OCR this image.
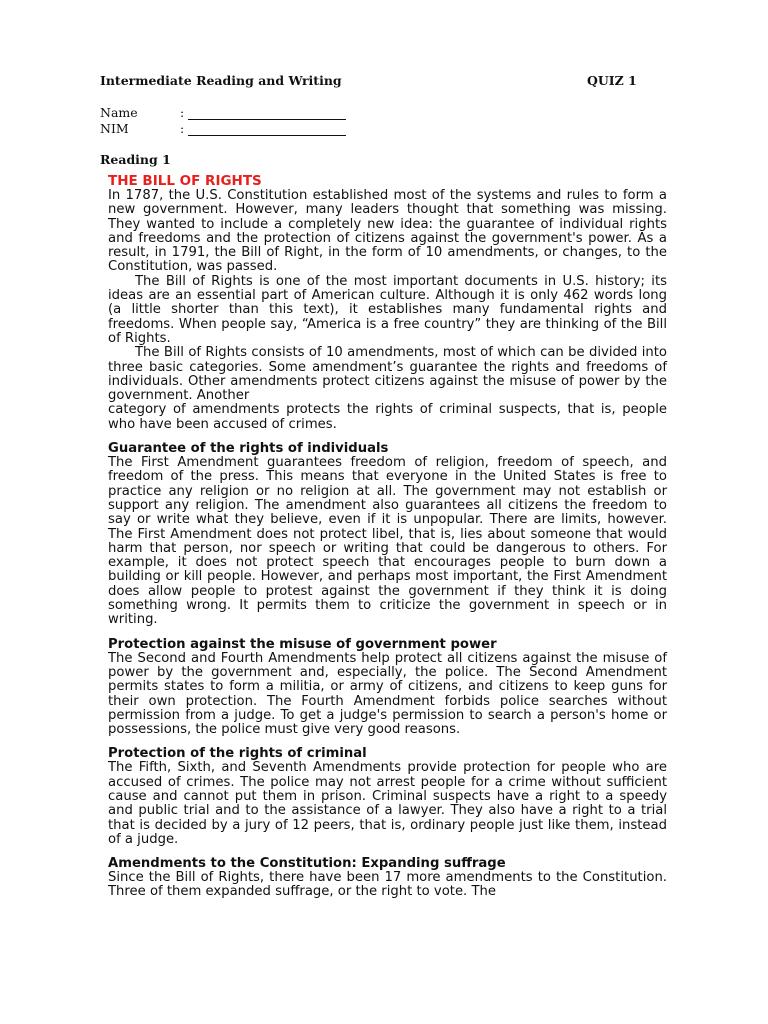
Intermediate Reading and Writing	QUIZ 1
Name	:
NIM	:
Reading 1
THE BILL OF RIGHTS

In 1787, the U.S. Constitution established most of the systems and rules to form a new government. However, many leaders thought that something was missing. They wanted to include a completely new idea: the guarantee of individual rights and freedoms and the protection of citizens against the government's power. As a result, in 1791, the Bill of Right, in the form of 10 amendments, or changes, to the Constitution, was passed.

The Bill of Rights is one of the most important documents in U.S. history; its ideas are an essential part of American culture. Although it is only 462 words long (a little shorter than this text), it establishes many fundamental rights and freedoms. When people say, “America is a free country” they are thinking of the Bill of Rights.

The Bill of Rights consists of 10 amendments, most of which can be divided into three basic categories. Some amendment’s guarantee the rights and freedoms of individuals. Other amendments protect citizens against the misuse of power by the government. Another

category of amendments protects the rights of criminal suspects, that is, people who have been accused of crimes.

Guarantee of the rights of individuals

The First Amendment guarantees freedom of religion, freedom of speech, and freedom of the press. This means that everyone in the United States is free to practice any religion or no religion at all. The government may not establish or support any religion. The amendment also guarantees all citizens the freedom to say or write what they believe, even if it is unpopular. There are limits, however. The First Amendment does not protect libel, that is, lies about someone that would harm that person, nor speech or writing that could be dangerous to others. For example, it does not protect speech that encourages people to burn down a building or kill people. However, and perhaps most important, the First Amendment does allow people to protest against the government if they think it is doing something wrong. It permits them to criticize the government in speech or in writing.

Protection against the misuse of government power

The Second and Fourth Amendments help protect all citizens against the misuse of power by the government and, especially, the police. The Second Amendment permits states to form a militia, or army of citizens, and citizens to keep guns for their own protection. The Fourth Amendment forbids police searches without permission from a judge. To get a judge's permission to search a person's home or possessions, the police must give very good reasons.

Protection of the rights of criminal

The Fifth, Sixth, and Seventh Amendments provide protection for people who are accused of crimes. The police may not arrest people for a crime without sufficient cause and cannot put them in prison. Criminal suspects have a right to a speedy and public trial and to the assistance of a lawyer. They also have a right to a trial that is decided by a jury of 12 peers, that is, ordinary people just like them, instead of a judge.

Amendments to the Constitution: Expanding suffrage

Since the Bill of Rights, there have been 17 more amendments to the Constitution. Three of them expanded suffrage, or the right to vote. The
